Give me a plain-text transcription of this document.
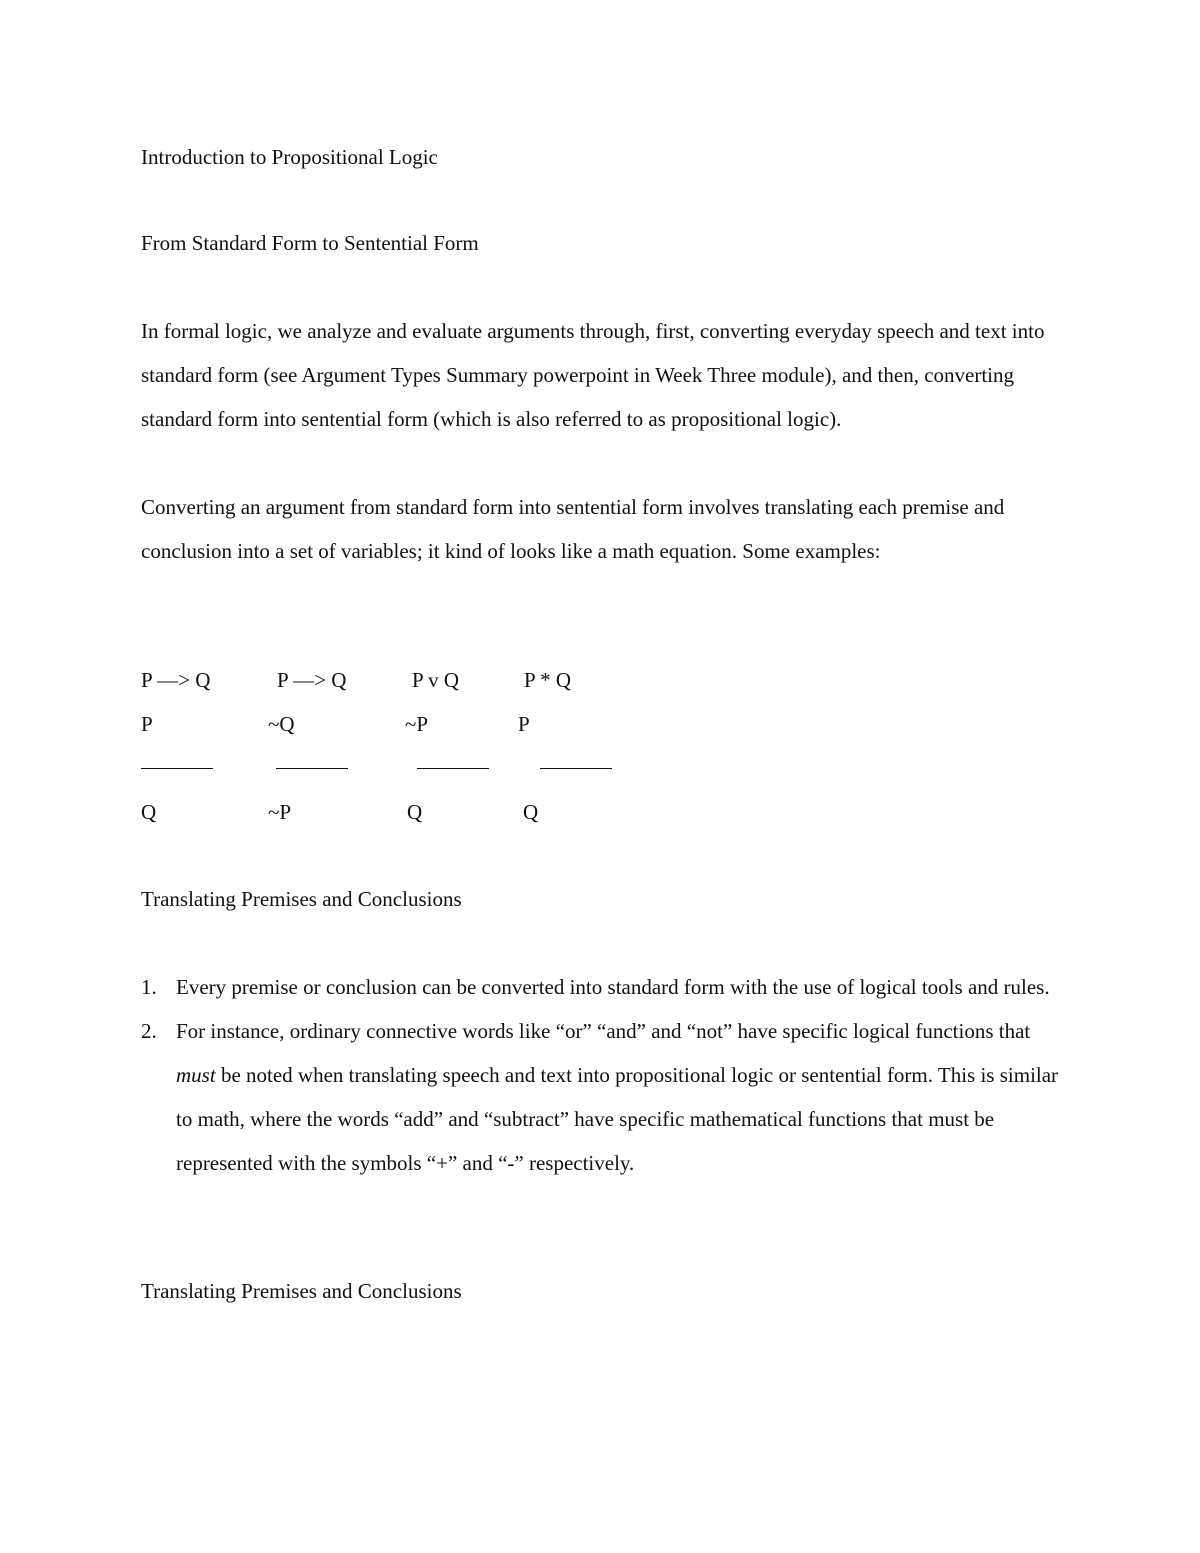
Introduction to Propositional Logic
From Standard Form to Sentential Form
In formal logic, we analyze and evaluate arguments through, first, converting everyday speech and text into standard form (see Argument Types Summary powerpoint in Week Three module), and then, converting standard form into sentential form (which is also referred to as propositional logic).
Converting an argument from standard form into sentential form involves translating each premise and conclusion into a set of variables; it kind of looks like a math equation. Some examples:
P —> Q
P
Q
P —> Q
~Q
~P
P v Q
~P
Q
P * Q
P
Q
Translating Premises and Conclusions
1. Every premise or conclusion can be converted into standard form with the use of logical tools and rules.
2. For instance, ordinary connective words like “or” “and” and “not” have specific logical functions that must be noted when translating speech and text into propositional logic or sentential form. This is similar to math, where the words “add” and “subtract” have specific mathematical functions that must be represented with the symbols “+” and “-” respectively.
Translating Premises and Conclusions
